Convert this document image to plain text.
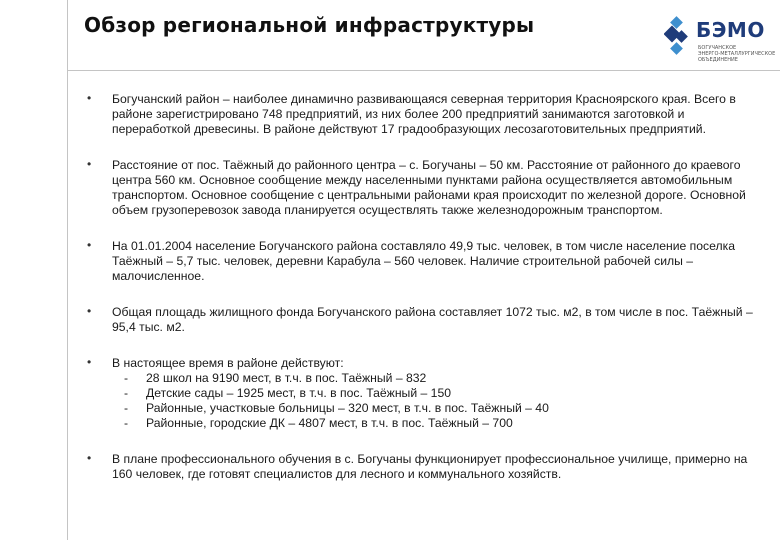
Обзор региональной инфраструктуры	БЭМО
БОГУЧАНСКОЕ
ЭНЕРГО-МЕТАЛЛУРГИЧЕСКОЕ
ОБЪЕДИНЕНИЕ
• Богучанский район – наиболее динамично развивающаяся северная территория Красноярского края. Всего в районе зарегистрировано 748 предприятий, из них более 200 предприятий занимаются заготовкой и переработкой древесины. В районе действуют 17 градообразующих лесозаготовительных предприятий.
• Расстояние от пос. Таёжный до районного центра – с. Богучаны – 50 км. Расстояние от районного до краевого центра 560 км. Основное сообщение между населенными пунктами района осуществляется автомобильным транспортом. Основное сообщение с центральными районами края происходит по железной дороге. Основной объем грузоперевозок завода планируется осуществлять также железнодорожным транспортом.
• На 01.01.2004 население Богучанского района составляло 49,9 тыс. человек, в том числе население поселка Таёжный – 5,7 тыс. человек, деревни Карабула – 560 человек. Наличие строительной рабочей силы – малочисленное.
• Общая площадь жилищного фонда Богучанского района составляет 1072 тыс. м2, в том числе в пос. Таёжный – 95,4 тыс. м2.
• В настоящее время в районе действуют:
- 28 школ на 9190 мест, в т.ч. в пос. Таёжный – 832
- Детские сады – 1925 мест, в т.ч. в пос. Таёжный – 150
- Районные, участковые больницы – 320 мест, в т.ч. в пос. Таёжный – 40
- Районные, городские ДК – 4807 мест, в т.ч. в пос. Таёжный – 700
• В плане профессионального обучения в с. Богучаны функционирует профессиональное училище, примерно на 160 человек, где готовят специалистов для лесного и коммунального хозяйств.
